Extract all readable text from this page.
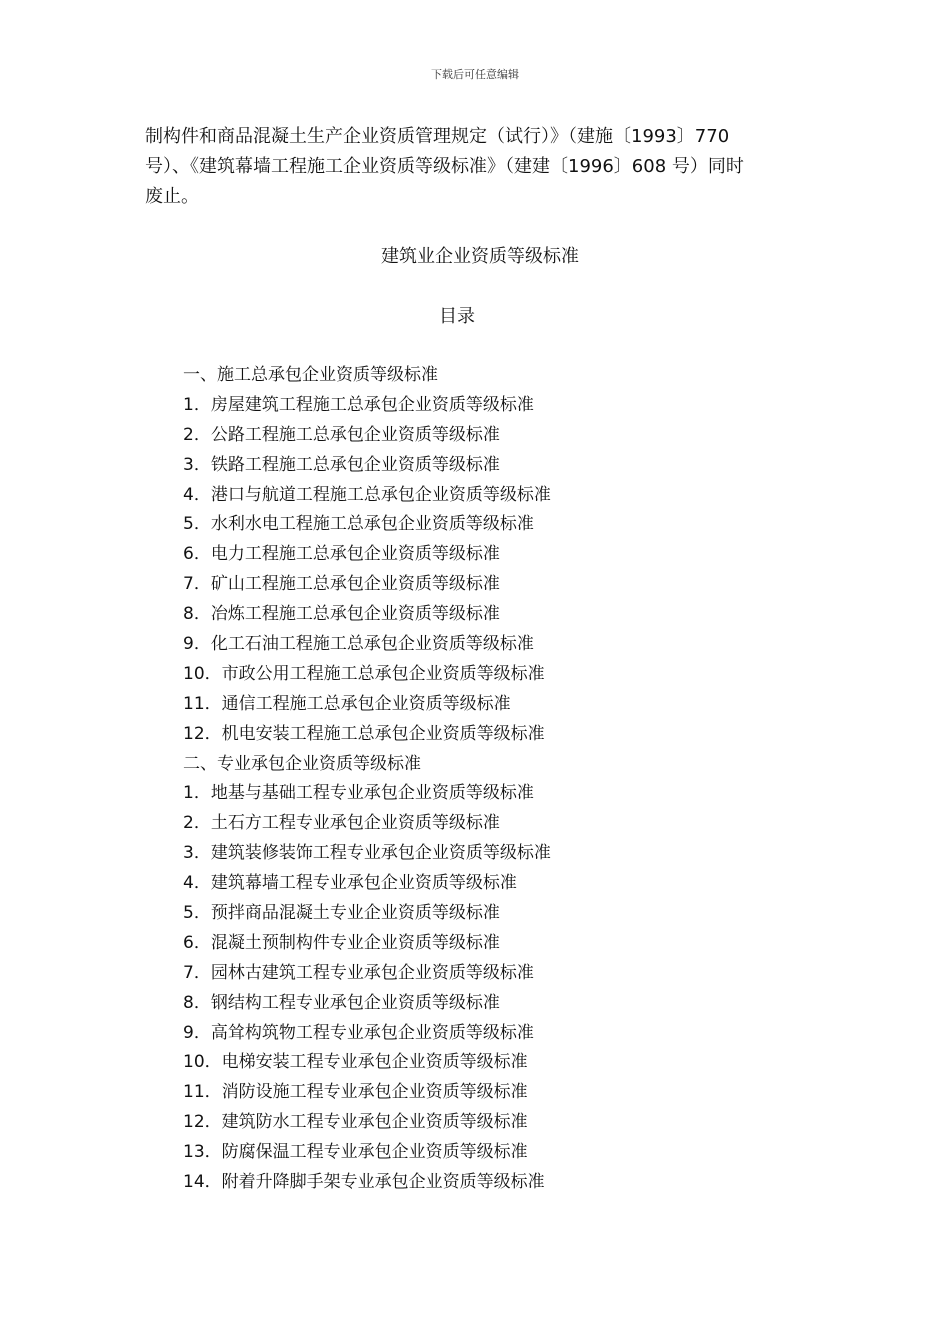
下载后可任意编辑

制构件和商品混凝土生产企业资质管理规定（试行）》（建施〔1993〕770

号）、《建筑幕墙工程施工企业资质等级标准》（建建〔1996〕608 号）同时

废止。

建筑业企业资质等级标准
目录
一、施工总承包企业资质等级标准
1．房屋建筑工程施工总承包企业资质等级标准
2．公路工程施工总承包企业资质等级标准
3．铁路工程施工总承包企业资质等级标准
4．港口与航道工程施工总承包企业资质等级标准
5．水利水电工程施工总承包企业资质等级标准
6．电力工程施工总承包企业资质等级标准
7．矿山工程施工总承包企业资质等级标准
8．冶炼工程施工总承包企业资质等级标准
9．化工石油工程施工总承包企业资质等级标准
10．市政公用工程施工总承包企业资质等级标准
11．通信工程施工总承包企业资质等级标准
12．机电安装工程施工总承包企业资质等级标准
二、专业承包企业资质等级标准
1．地基与基础工程专业承包企业资质等级标准
2．土石方工程专业承包企业资质等级标准
3．建筑装修装饰工程专业承包企业资质等级标准
4．建筑幕墙工程专业承包企业资质等级标准
5．预拌商品混凝土专业企业资质等级标准
6．混凝土预制构件专业企业资质等级标准
7．园林古建筑工程专业承包企业资质等级标准
8．钢结构工程专业承包企业资质等级标准
9．高耸构筑物工程专业承包企业资质等级标准
10．电梯安装工程专业承包企业资质等级标准
11．消防设施工程专业承包企业资质等级标准
12．建筑防水工程专业承包企业资质等级标准
13．防腐保温工程专业承包企业资质等级标准
14．附着升降脚手架专业承包企业资质等级标准
